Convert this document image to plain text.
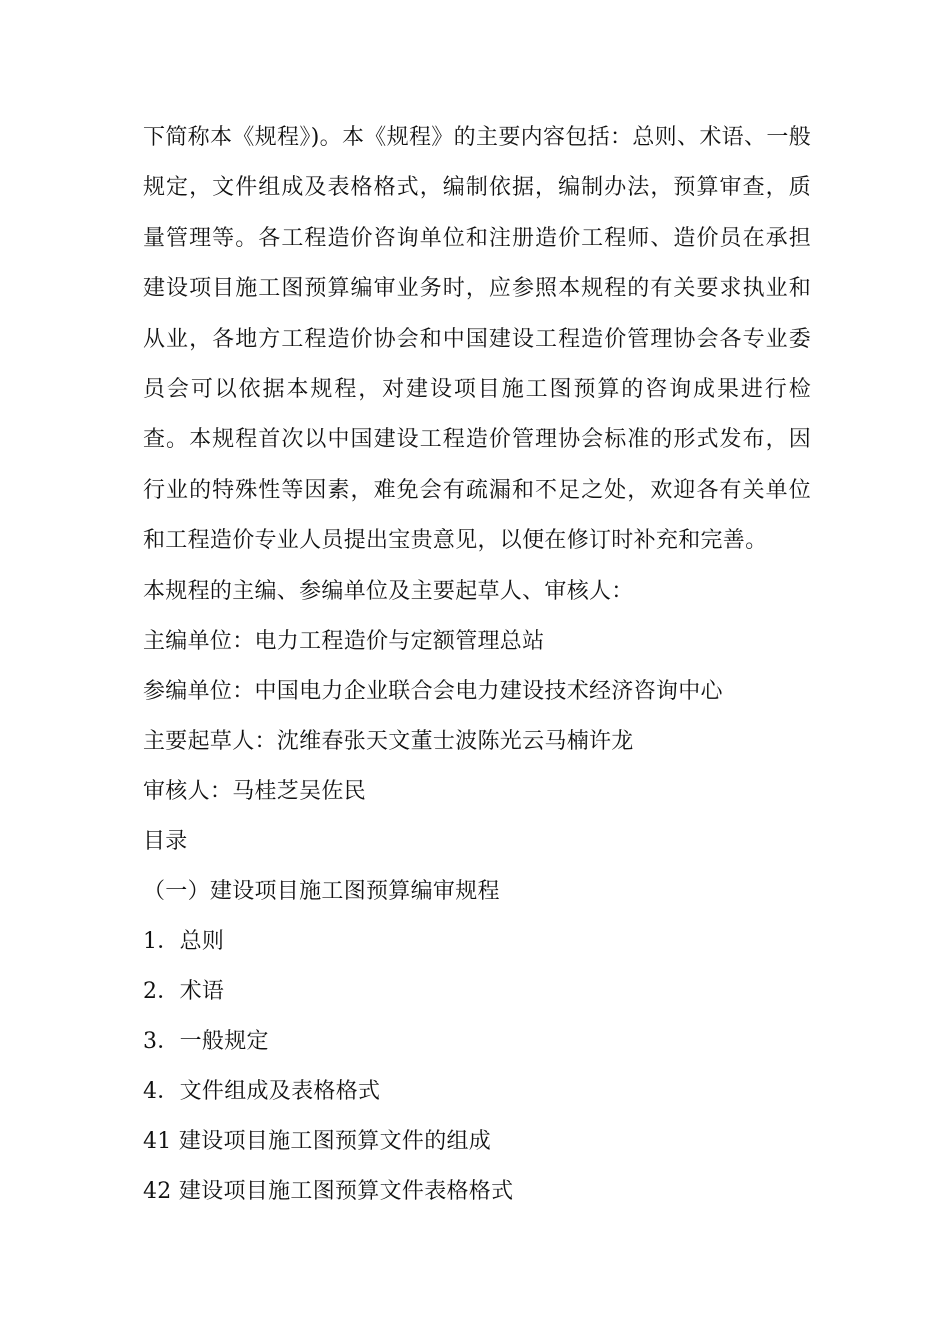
下简称本《规程》)。本《规程》的主要内容包括：总则、术语、一般规定，文件组成及表格格式，编制依据，编制办法，预算审查，质量管理等。各工程造价咨询单位和注册造价工程师、造价员在承担建设项目施工图预算编审业务时，应参照本规程的有关要求执业和从业，各地方工程造价协会和中国建设工程造价管理协会各专业委员会可以依据本规程，对建设项目施工图预算的咨询成果进行检查。本规程首次以中国建设工程造价管理协会标准的形式发布，因行业的特殊性等因素，难免会有疏漏和不足之处，欢迎各有关单位和工程造价专业人员提出宝贵意见，以便在修订时补充和完善。

本规程的主编、参编单位及主要起草人、审核人：

主编单位：电力工程造价与定额管理总站

参编单位：中国电力企业联合会电力建设技术经济咨询中心

主要起草人：沈维春张天文董士波陈光云马楠许龙

审核人：马桂芝吴佐民

目录

（一）建设项目施工图预算编审规程

1．总则

2．术语

3．一般规定

4．文件组成及表格格式

41 建设项目施工图预算文件的组成

42 建设项目施工图预算文件表格格式
